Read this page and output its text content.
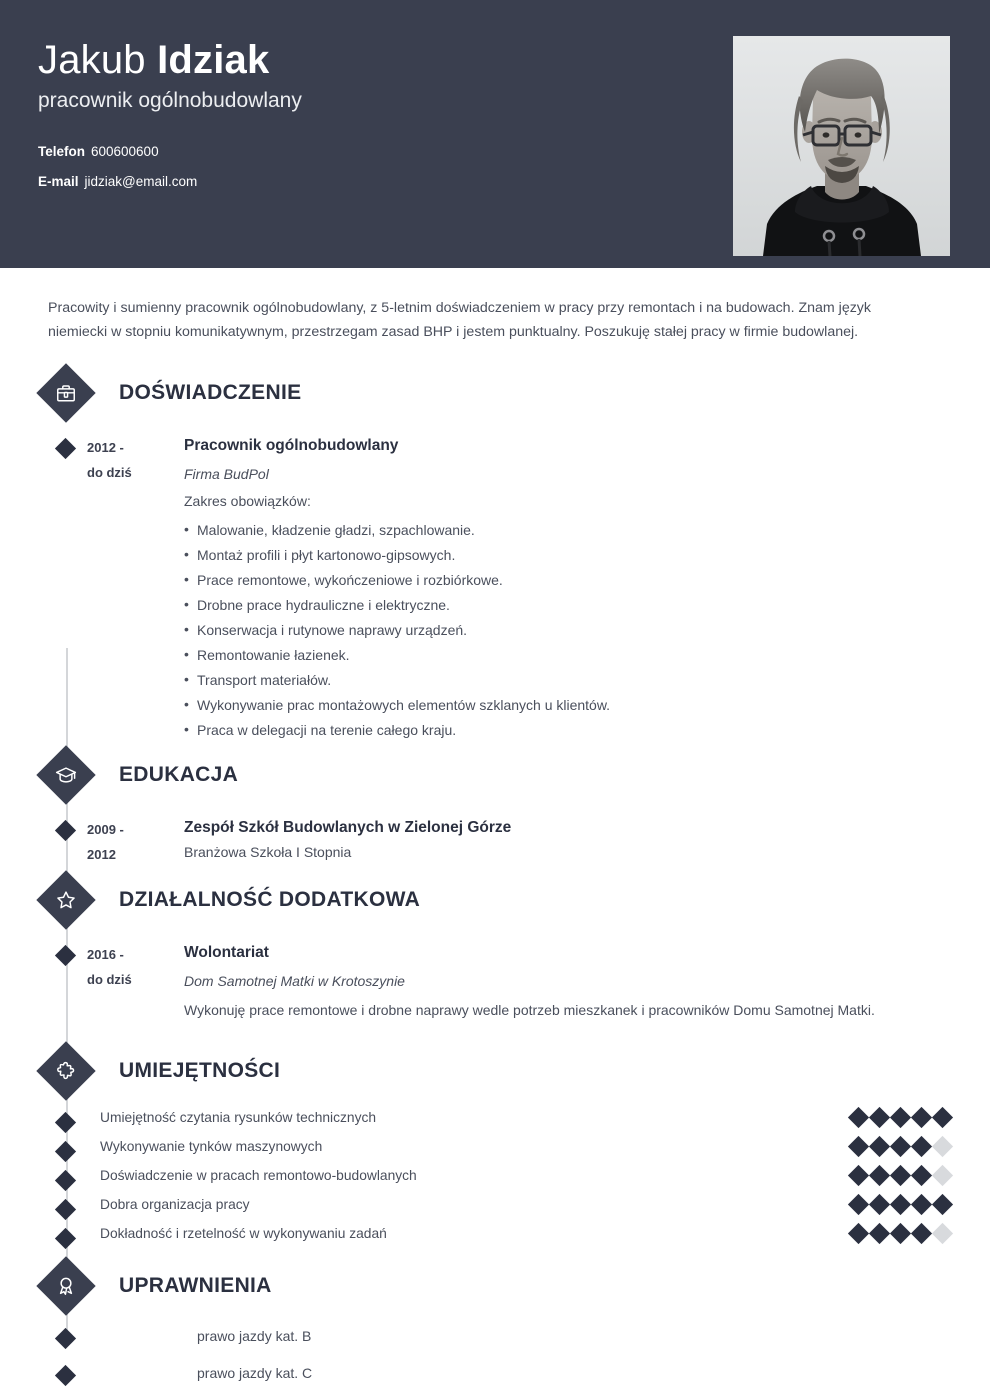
Jakub Idziak
pracownik ogólnobudowlany
Telefon 600600600
E-mail jidziak@email.com

Pracowity i sumienny pracownik ogólnobudowlany, z 5-letnim doświadczeniem w pracy przy remontach i na budowach. Znam język niemiecki w stopniu komunikatywnym, przestrzegam zasad BHP i jestem punktualny. Poszukuję stałej pracy w firmie budowlanej.

DOŚWIADCZENIE
2012 -
do dziś
Pracownik ogólnobudowlany
Firma BudPol
Zakres obowiązków:
• Malowanie, kładzenie gładzi, szpachlowanie.
• Montaż profili i płyt kartonowo-gipsowych.
• Prace remontowe, wykończeniowe i rozbiórkowe.
• Drobne prace hydrauliczne i elektryczne.
• Konserwacja i rutynowe naprawy urządzeń.
• Remontowanie łazienek.
• Transport materiałów.
• Wykonywanie prac montażowych elementów szklanych u klientów.
• Praca w delegacji na terenie całego kraju.
EDUKACJA
2009 -
2012
Zespół Szkół Budowlanych w Zielonej Górze
Branżowa Szkoła I Stopnia
DZIAŁALNOŚĆ DODATKOWA
2016 -
do dziś
Wolontariat
Dom Samotnej Matki w Krotoszynie
Wykonuję prace remontowe i drobne naprawy wedle potrzeb mieszkanek i pracowników Domu Samotnej Matki.
UMIEJĘTNOŚCI
Umiejętność czytania rysunków technicznych
Wykonywanie tynków maszynowych
Doświadczenie w pracach remontowo-budowlanych
Dobra organizacja pracy
Dokładność i rzetelność w wykonywaniu zadań
UPRAWNIENIA
prawo jazdy kat. B
prawo jazdy kat. C
